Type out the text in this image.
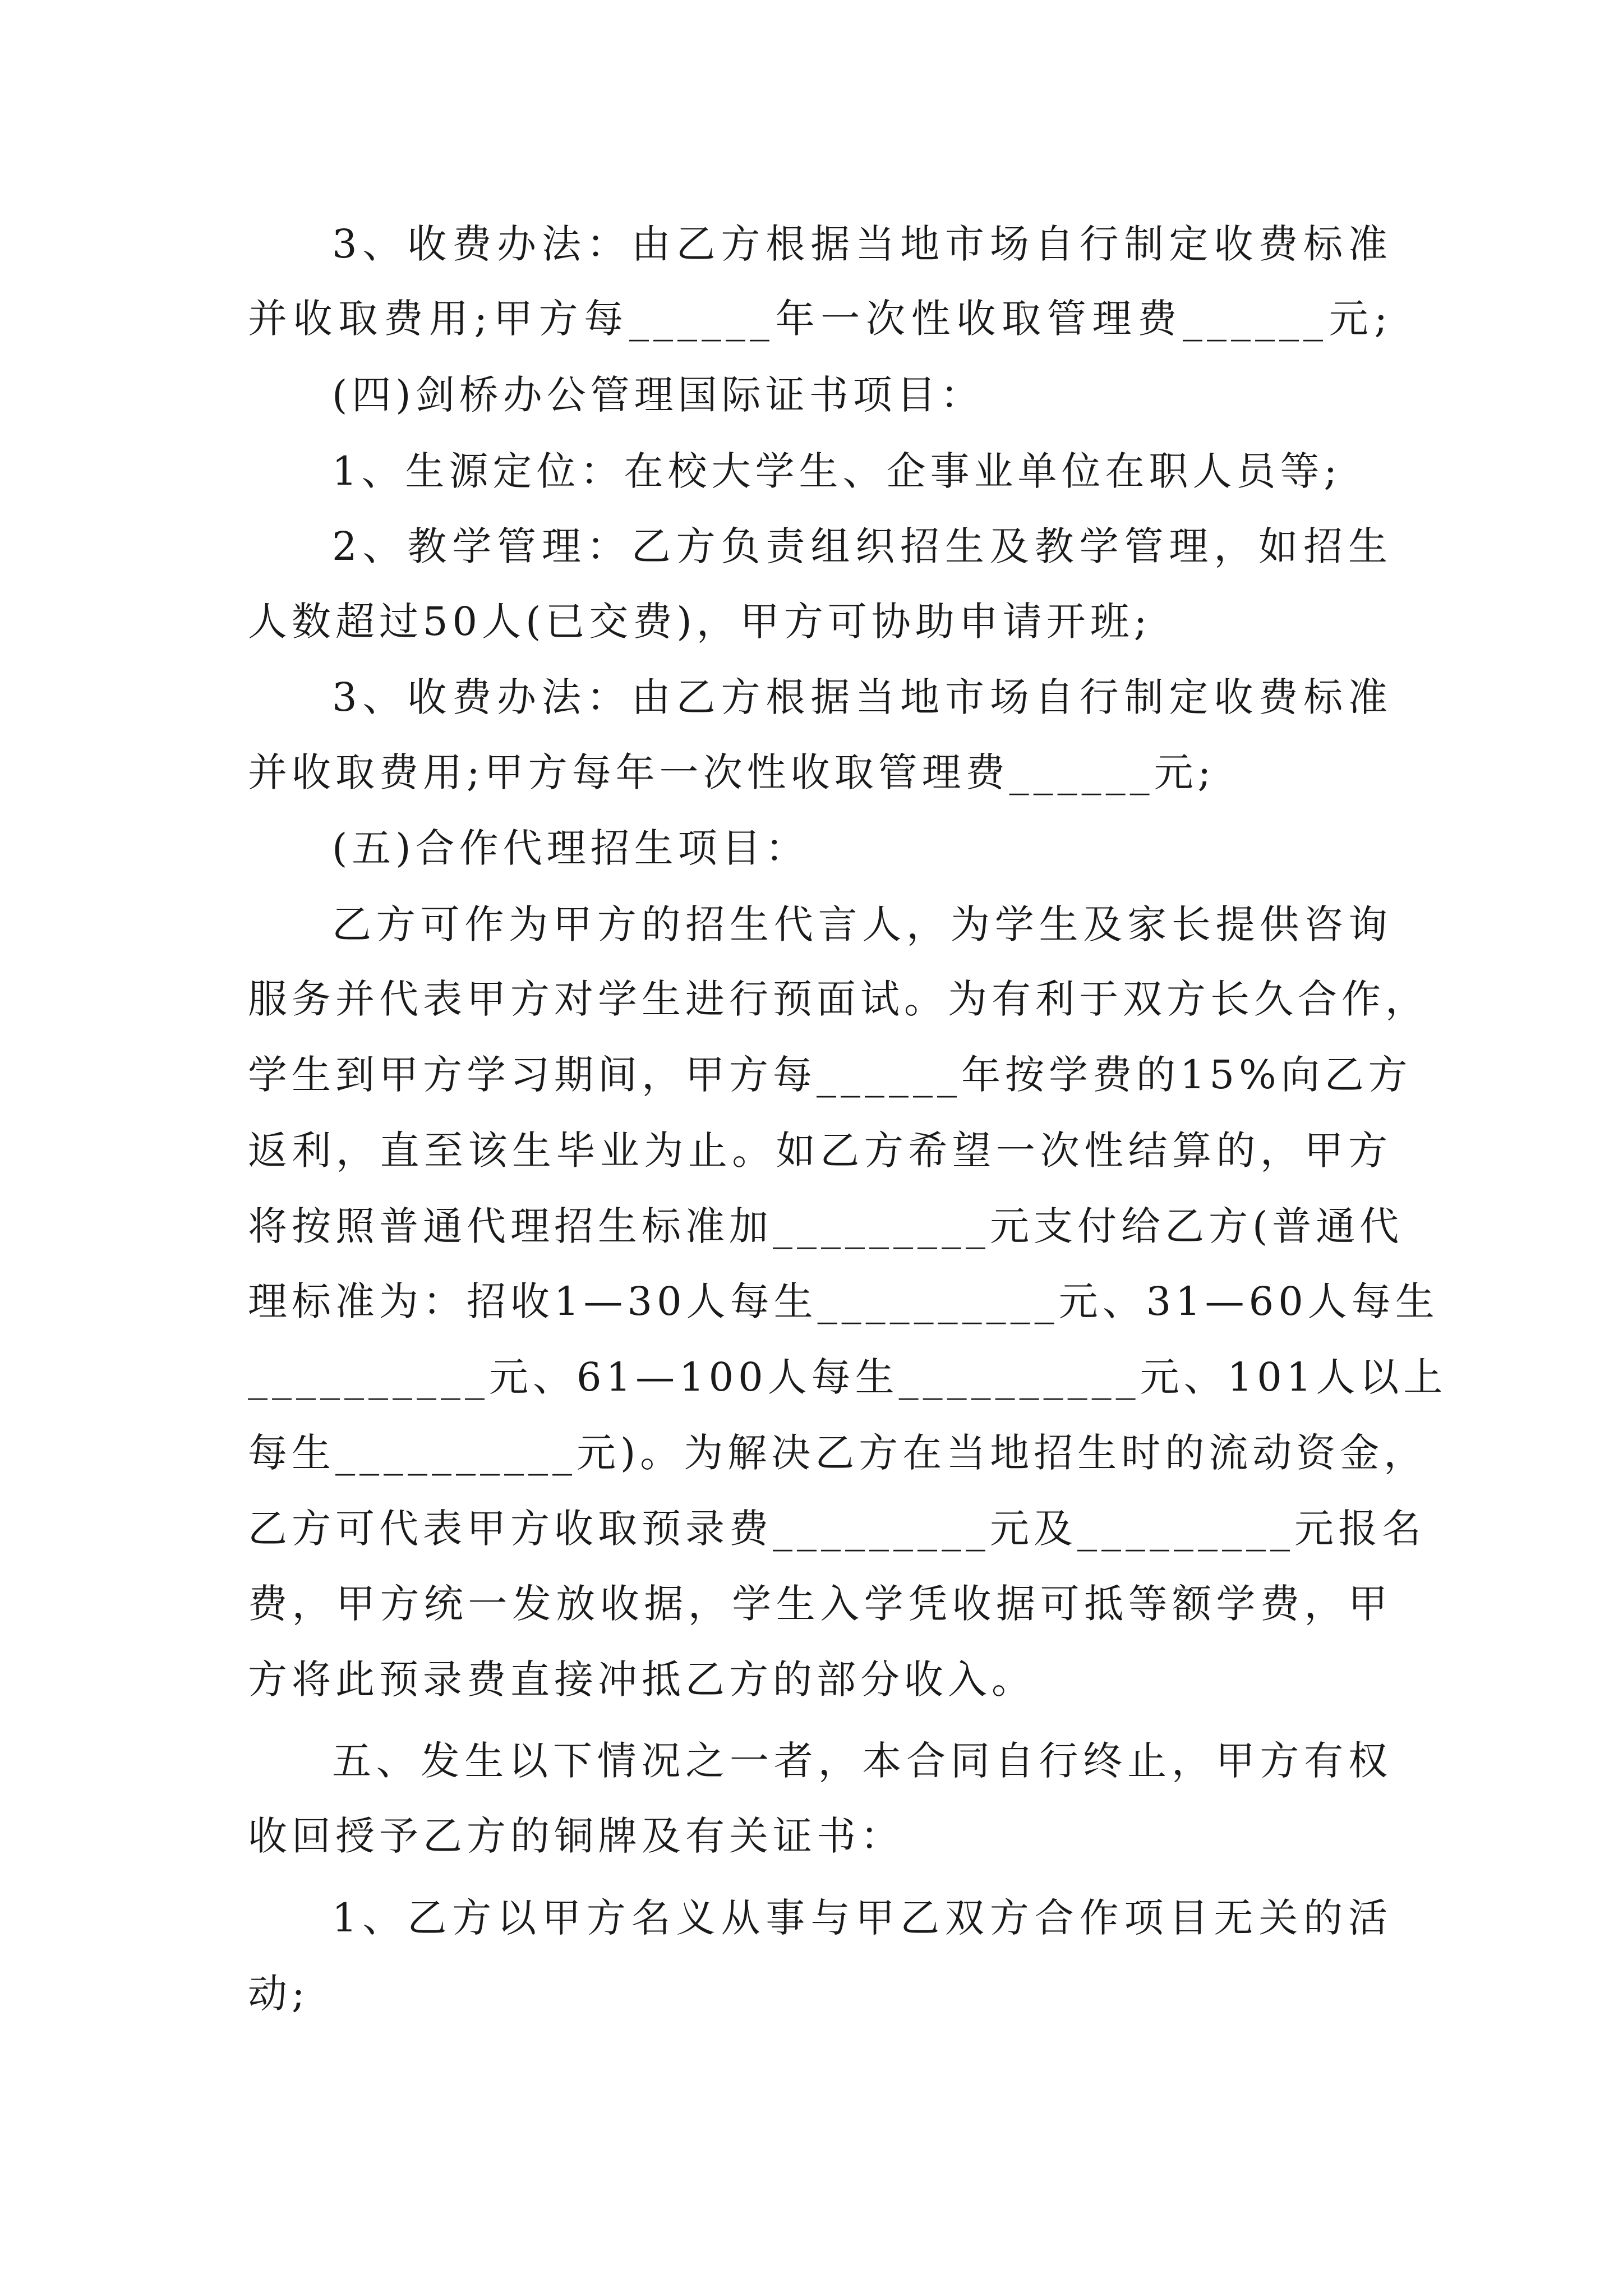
3、收费办法：由乙方根据当地市场自行制定收费标准
并收取费用;甲方每______年一次性收取管理费______元;
(四)剑桥办公管理国际证书项目：
1、生源定位：在校大学生、企事业单位在职人员等;
2、教学管理：乙方负责组织招生及教学管理，如招生
人数超过50人(已交费)，甲方可协助申请开班;
3、收费办法：由乙方根据当地市场自行制定收费标准
并收取费用;甲方每年一次性收取管理费______元;
(五)合作代理招生项目：
乙方可作为甲方的招生代言人，为学生及家长提供咨询
服务并代表甲方对学生进行预面试。为有利于双方长久合作，
学生到甲方学习期间，甲方每______年按学费的15%向乙方
返利，直至该生毕业为止。如乙方希望一次性结算的，甲方
将按照普通代理招生标准加_________元支付给乙方(普通代
理标准为：招收1—30人每生__________元、31—60人每生
__________元、61—100人每生__________元、101人以上
每生__________元)。为解决乙方在当地招生时的流动资金，
乙方可代表甲方收取预录费_________元及_________元报名
费，甲方统一发放收据，学生入学凭收据可抵等额学费，甲
方将此预录费直接冲抵乙方的部分收入。
五、发生以下情况之一者，本合同自行终止，甲方有权
收回授予乙方的铜牌及有关证书：
1、乙方以甲方名义从事与甲乙双方合作项目无关的活
动;
